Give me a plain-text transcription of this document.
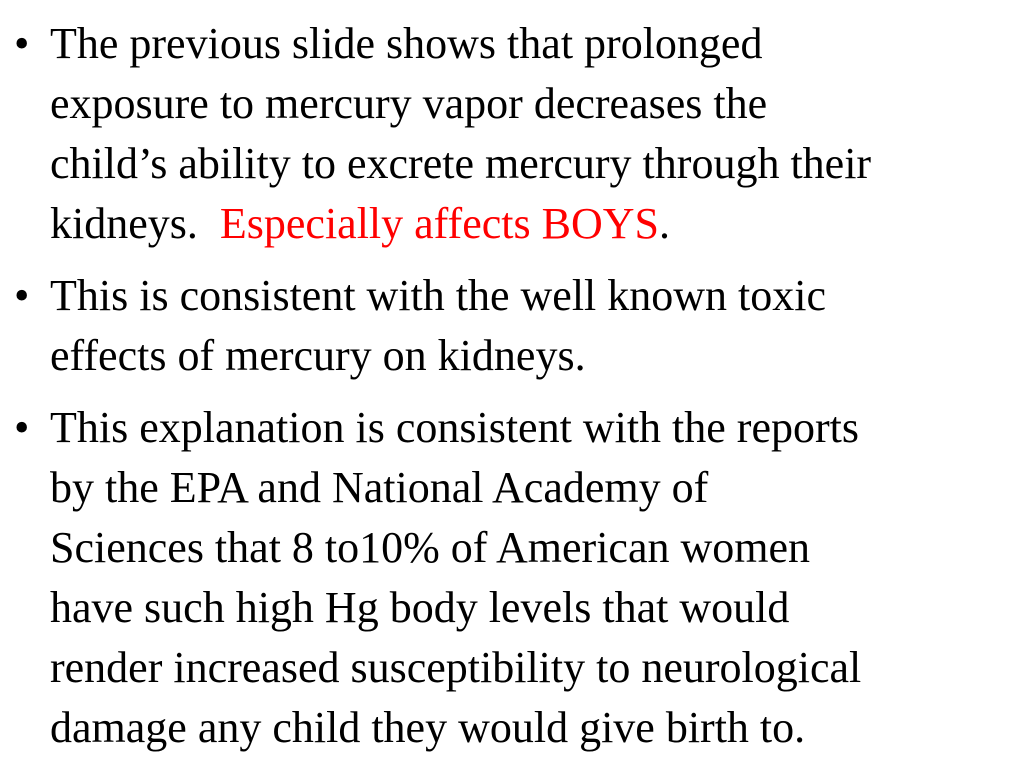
• The previous slide shows that prolonged
exposure to mercury vapor decreases the
child’s ability to excrete mercury through their
kidneys.  Especially affects BOYS.
• This is consistent with the well known toxic
effects of mercury on kidneys.
• This explanation is consistent with the reports
by the EPA and National Academy of
Sciences that 8 to10% of American women
have such high Hg body levels that would
render increased susceptibility to neurological
damage any child they would give birth to.
